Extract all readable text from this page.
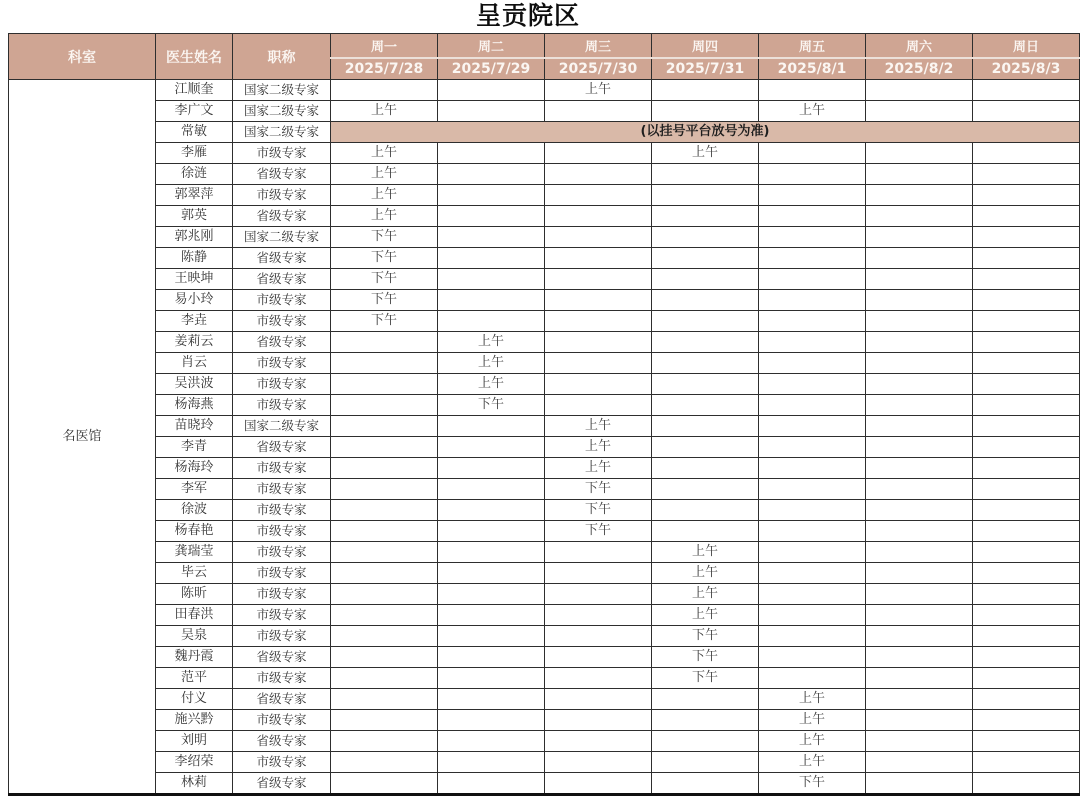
呈贡院区
科室	医生姓名	职称	周一	周二	周三	周四	周五	周六	周日
			2025/7/28	2025/7/29	2025/7/30	2025/7/31	2025/8/1	2025/8/2	2025/8/3
名医馆	江顺奎	国家二级专家			上午				
	李广文	国家二级专家	上午				上午		
	常敏	国家二级专家	(以挂号平台放号为准)						
	李雁	市级专家	上午			上午			
	徐涟	省级专家	上午						
	郭翠萍	市级专家	上午						
	郭英	省级专家	上午						
	郭兆刚	国家二级专家	下午						
	陈静	省级专家	下午						
	王映坤	省级专家	下午						
	易小玲	市级专家	下午						
	李垚	市级专家	下午						
	姜莉云	省级专家		上午					
	肖云	市级专家		上午					
	吴洪波	市级专家		上午					
	杨海燕	市级专家		下午					
	苗晓玲	国家二级专家			上午				
	李青	省级专家			上午				
	杨海玲	市级专家			上午				
	李军	市级专家			下午				
	徐波	市级专家			下午				
	杨春艳	市级专家			下午				
	龚瑞莹	市级专家				上午			
	毕云	市级专家				上午			
	陈昕	市级专家				上午			
	田春洪	市级专家				上午			
	吴泉	市级专家				下午			
	魏丹霞	省级专家				下午			
	范平	市级专家				下午			
	付义	省级专家					上午		
	施兴黔	市级专家					上午		
	刘明	省级专家					上午		
	李绍荣	市级专家					上午		
	林莉	省级专家					下午		
